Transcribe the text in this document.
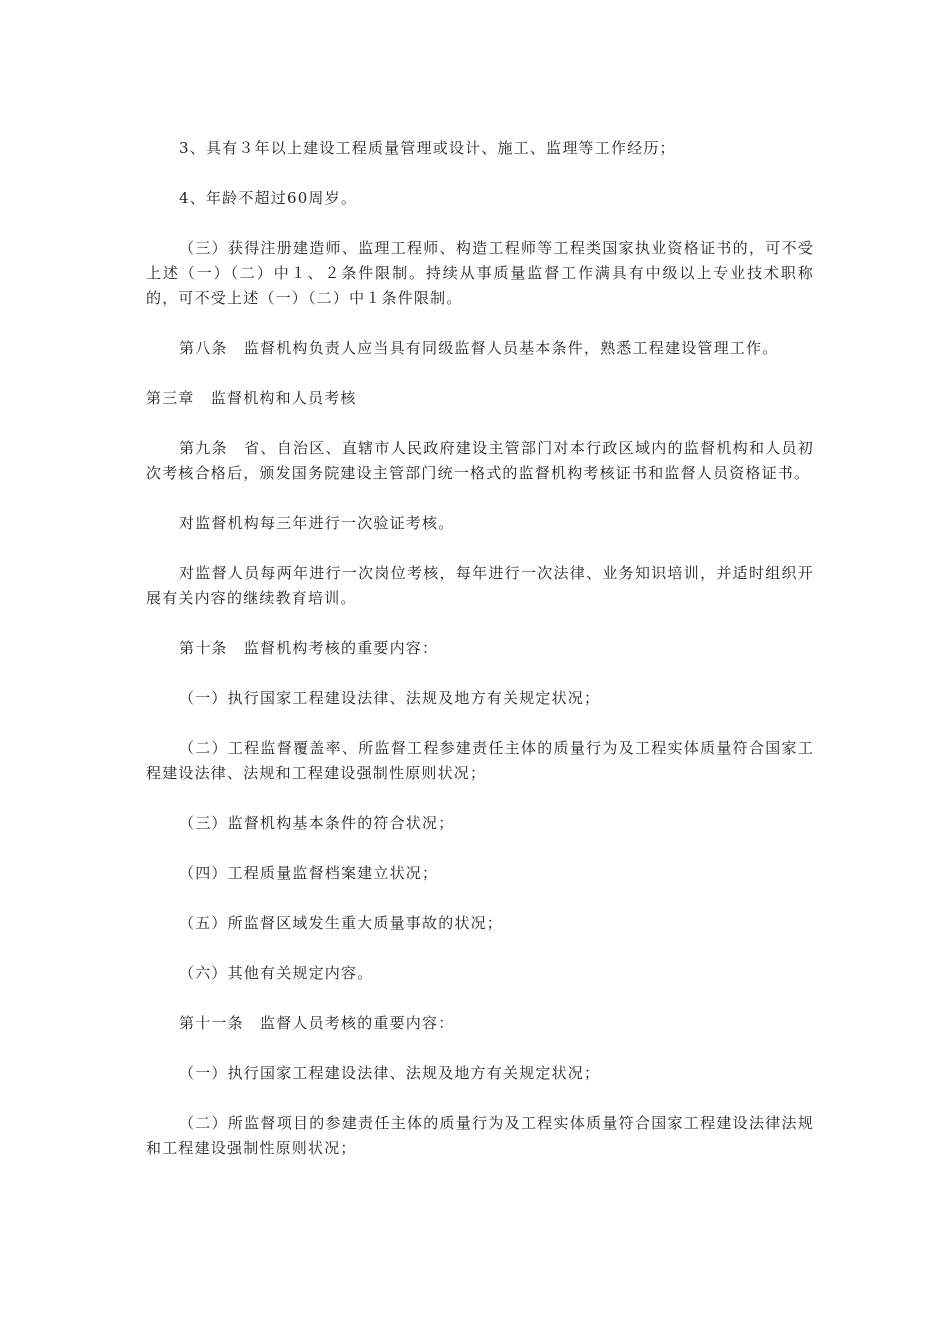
3、具有３年以上建设工程质量管理或设计、施工、监理等工作经历；

4、年龄不超过60周岁。

（三）获得注册建造师、监理工程师、构造工程师等工程类国家执业资格证书的，可不受上述（一）（二）中１、２条件限制。持续从事质量监督工作满具有中级以上专业技术职称的，可不受上述（一）（二）中１条件限制。

第八条　监督机构负责人应当具有同级监督人员基本条件，熟悉工程建设管理工作。

第三章　监督机构和人员考核

第九条　省、自治区、直辖市人民政府建设主管部门对本行政区域内的监督机构和人员初次考核合格后，颁发国务院建设主管部门统一格式的监督机构考核证书和监督人员资格证书。

对监督机构每三年进行一次验证考核。

对监督人员每两年进行一次岗位考核，每年进行一次法律、业务知识培训，并适时组织开展有关内容的继续教育培训。

第十条　监督机构考核的重要内容：

（一）执行国家工程建设法律、法规及地方有关规定状况；

（二）工程监督覆盖率、所监督工程参建责任主体的质量行为及工程实体质量符合国家工程建设法律、法规和工程建设强制性原则状况；

（三）监督机构基本条件的符合状况；

（四）工程质量监督档案建立状况；

（五）所监督区域发生重大质量事故的状况；

（六）其他有关规定内容。

第十一条　监督人员考核的重要内容：

（一）执行国家工程建设法律、法规及地方有关规定状况；

（二）所监督项目的参建责任主体的质量行为及工程实体质量符合国家工程建设法律法规和工程建设强制性原则状况；
